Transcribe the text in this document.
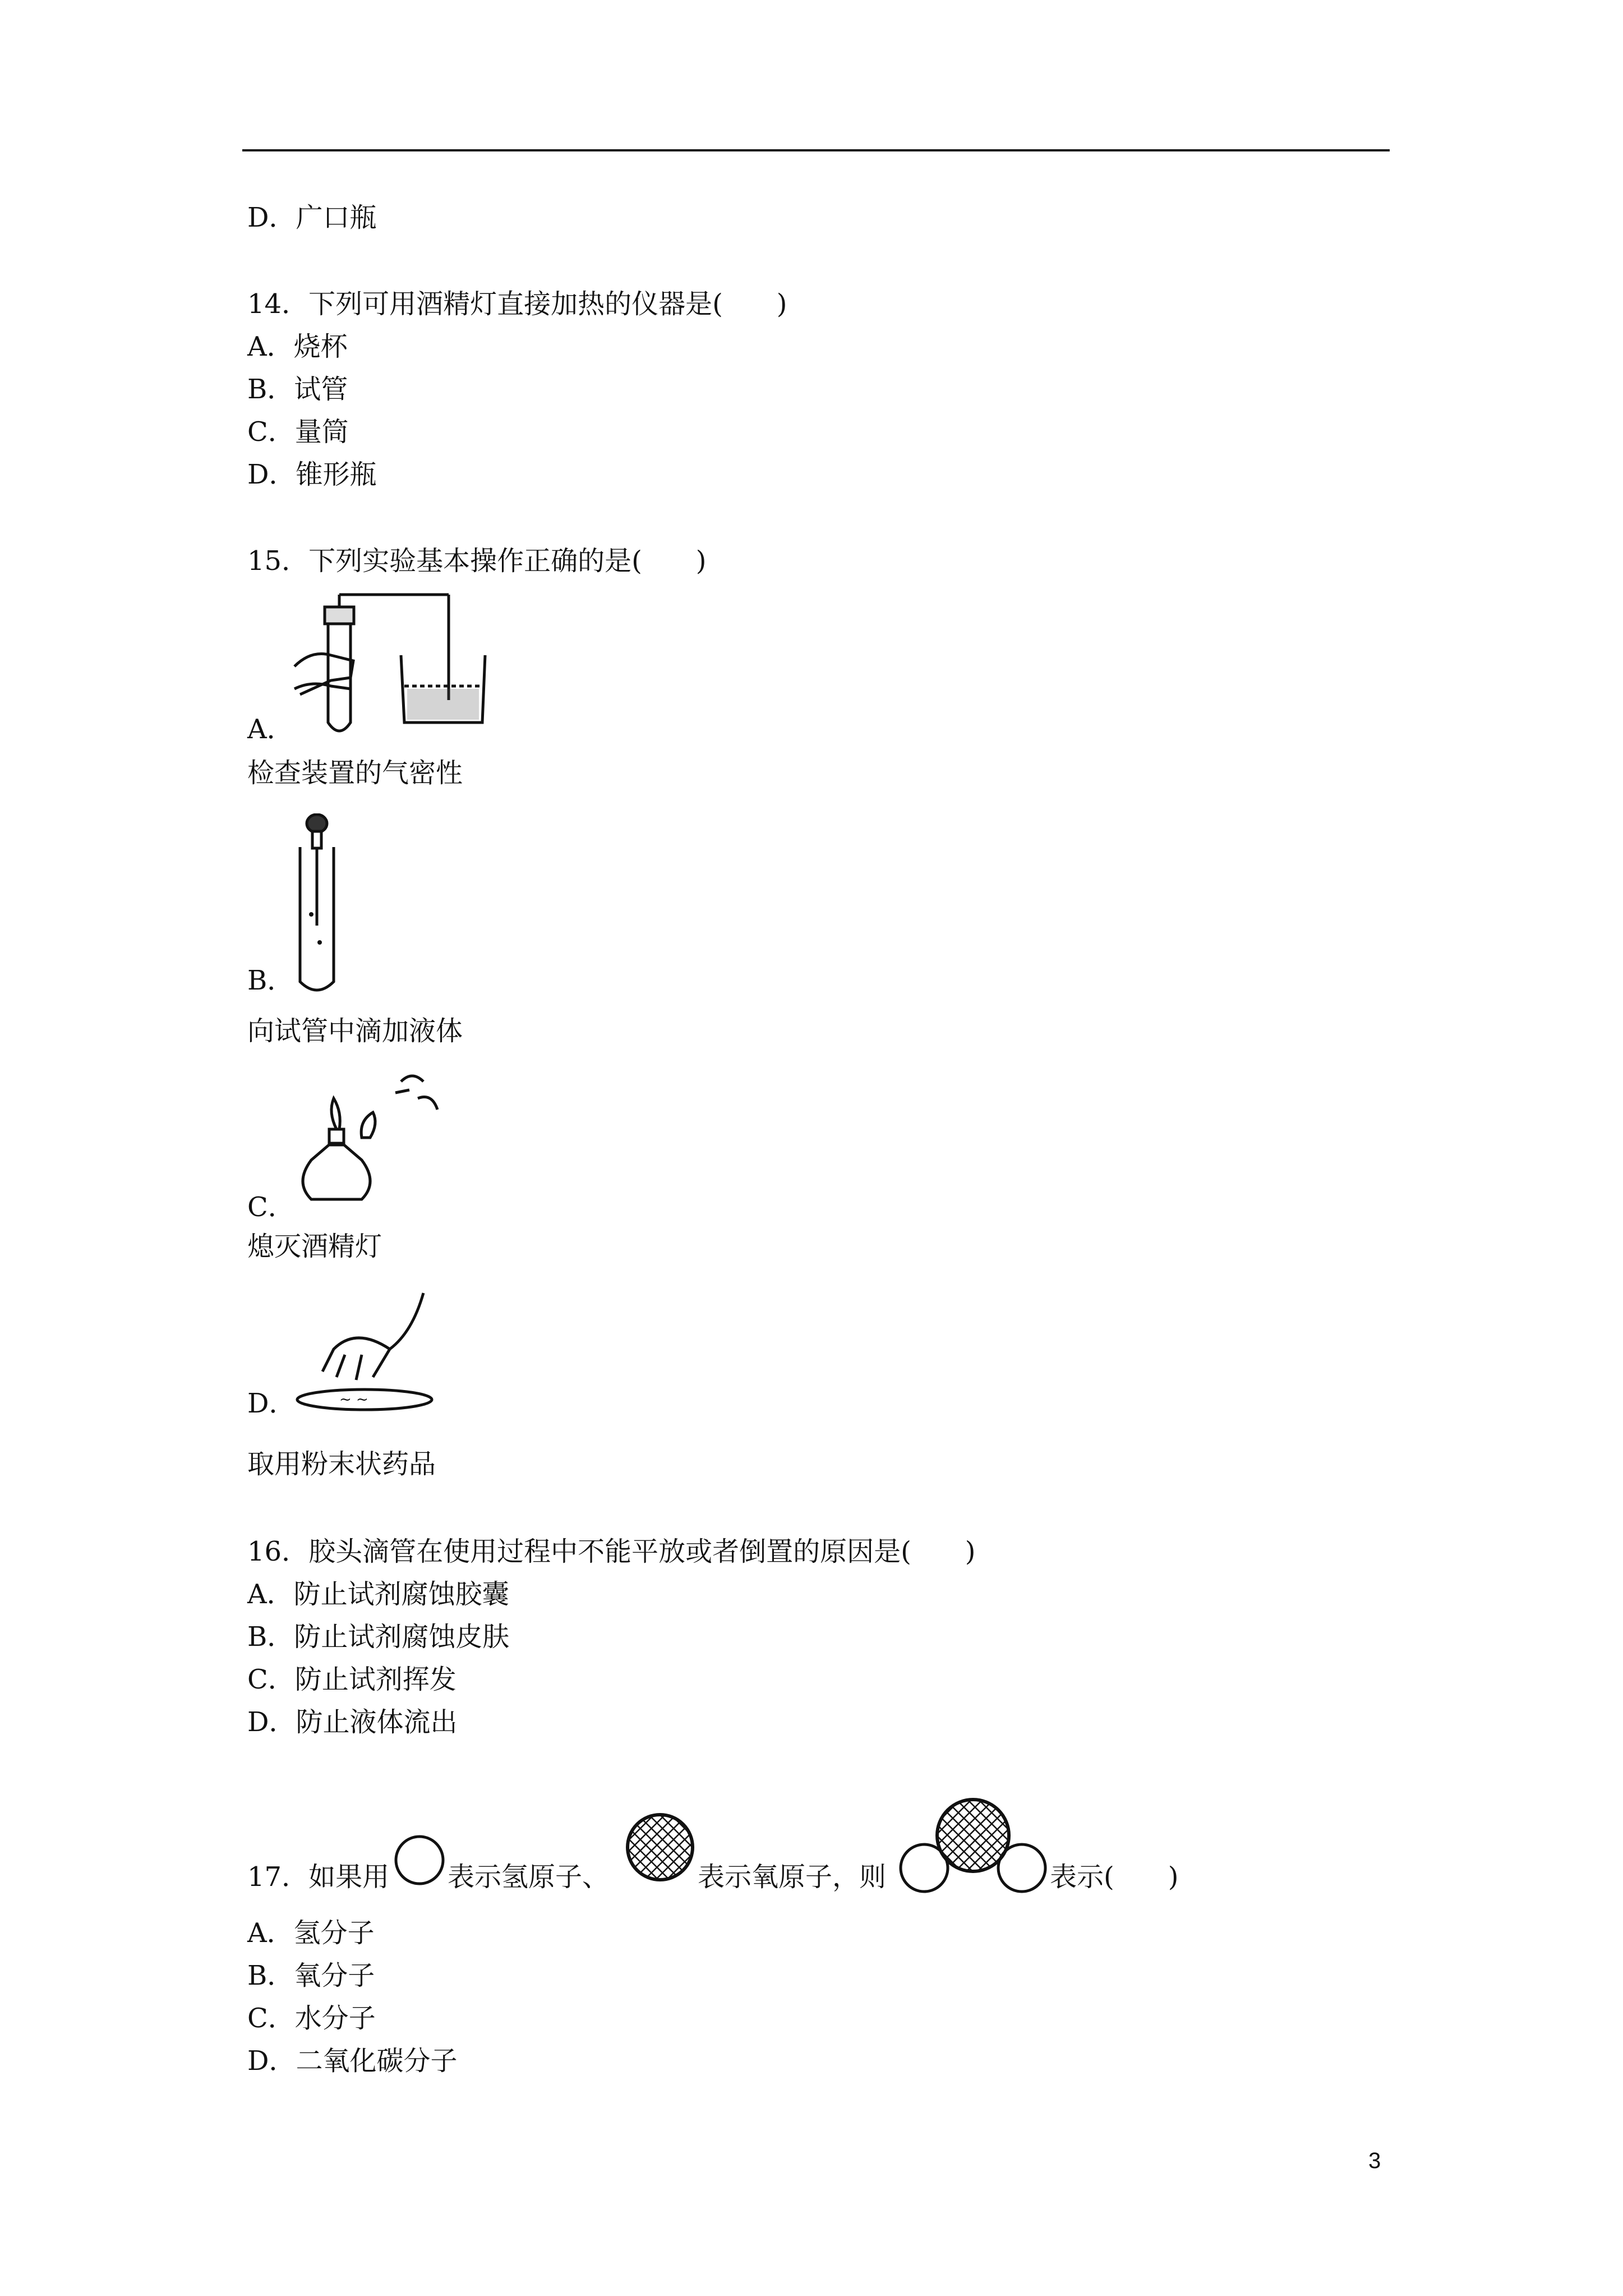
D．广口瓶
14．下列可用酒精灯直接加热的仪器是(　　)
A．烧杯
B．试管
C．量筒
D．锥形瓶
15．下列实验基本操作正确的是(　　)
A．
检查装置的气密性
B．
向试管中滴加液体
C．
熄灭酒精灯
~ ~
D．
取用粉末状药品
16．胶头滴管在使用过程中不能平放或者倒置的原因是(　　)
A．防止试剂腐蚀胶囊
B．防止试剂腐蚀皮肤
C．防止试剂挥发
D．防止液体流出
17．如果用 表示氢原子、	表示氧原子，则	表示(　　)
A．氢分子
B．氧分子
C．水分子
D．二氧化碳分子
3
